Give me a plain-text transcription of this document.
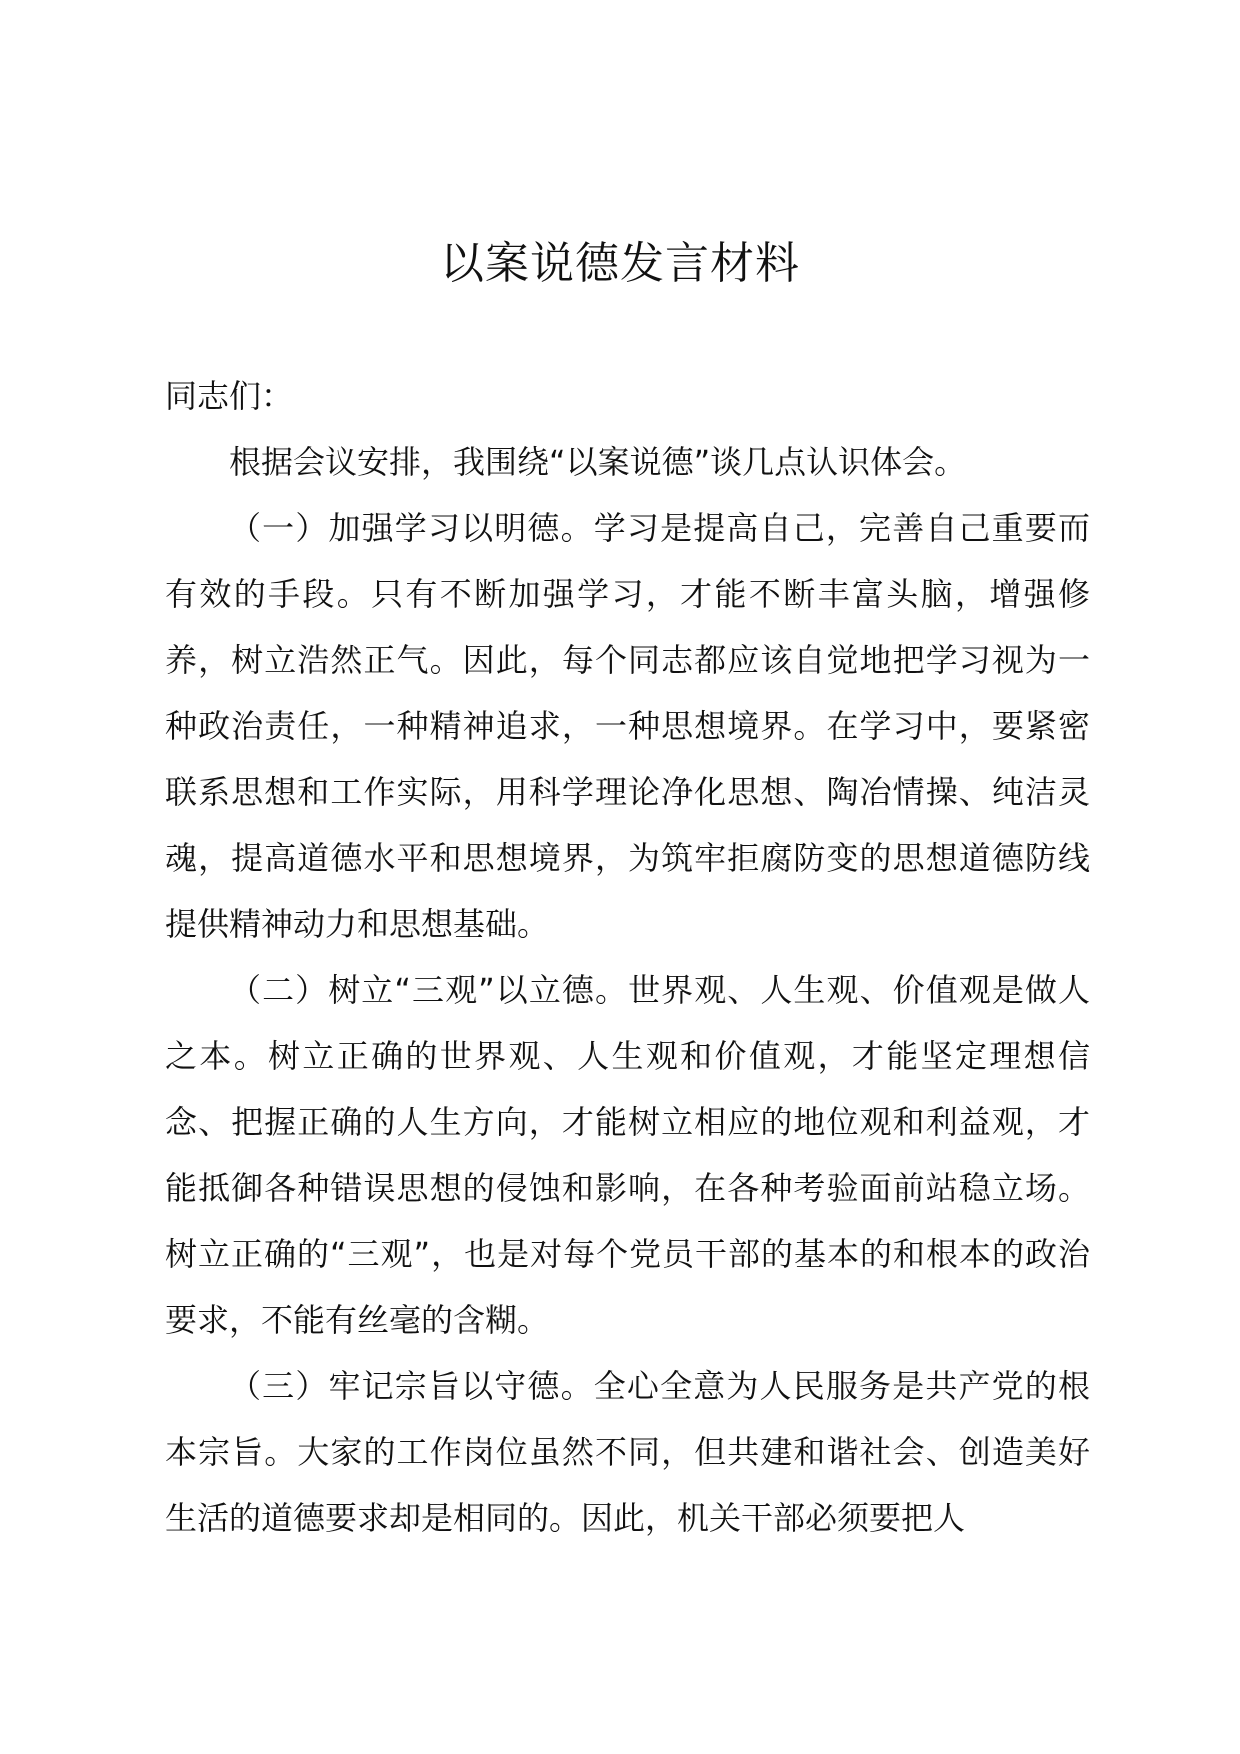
以案说德发言材料

同志们：

根据会议安排，我围绕“以案说德”谈几点认识体会。

（一）加强学习以明德。学习是提高自己，完善自己重要而有效的手段。只有不断加强学习，才能不断丰富头脑，增强修养，树立浩然正气。因此，每个同志都应该自觉地把学习视为一种政治责任，一种精神追求，一种思想境界。在学习中，要紧密联系思想和工作实际，用科学理论净化思想、陶冶情操、纯洁灵魂，提高道德水平和思想境界，为筑牢拒腐防变的思想道德防线提供精神动力和思想基础。

（二）树立“三观”以立德。世界观、人生观、价值观是做人之本。树立正确的世界观、人生观和价值观，才能坚定理想信念、把握正确的人生方向，才能树立相应的地位观和利益观，才能抵御各种错误思想的侵蚀和影响，在各种考验面前站稳立场。树立正确的“三观”，也是对每个党员干部的基本的和根本的政治要求，不能有丝毫的含糊。

（三）牢记宗旨以守德。全心全意为人民服务是共产党的根本宗旨。大家的工作岗位虽然不同，但共建和谐社会、创造美好生活的道德要求却是相同的。因此，机关干部必须要把人
